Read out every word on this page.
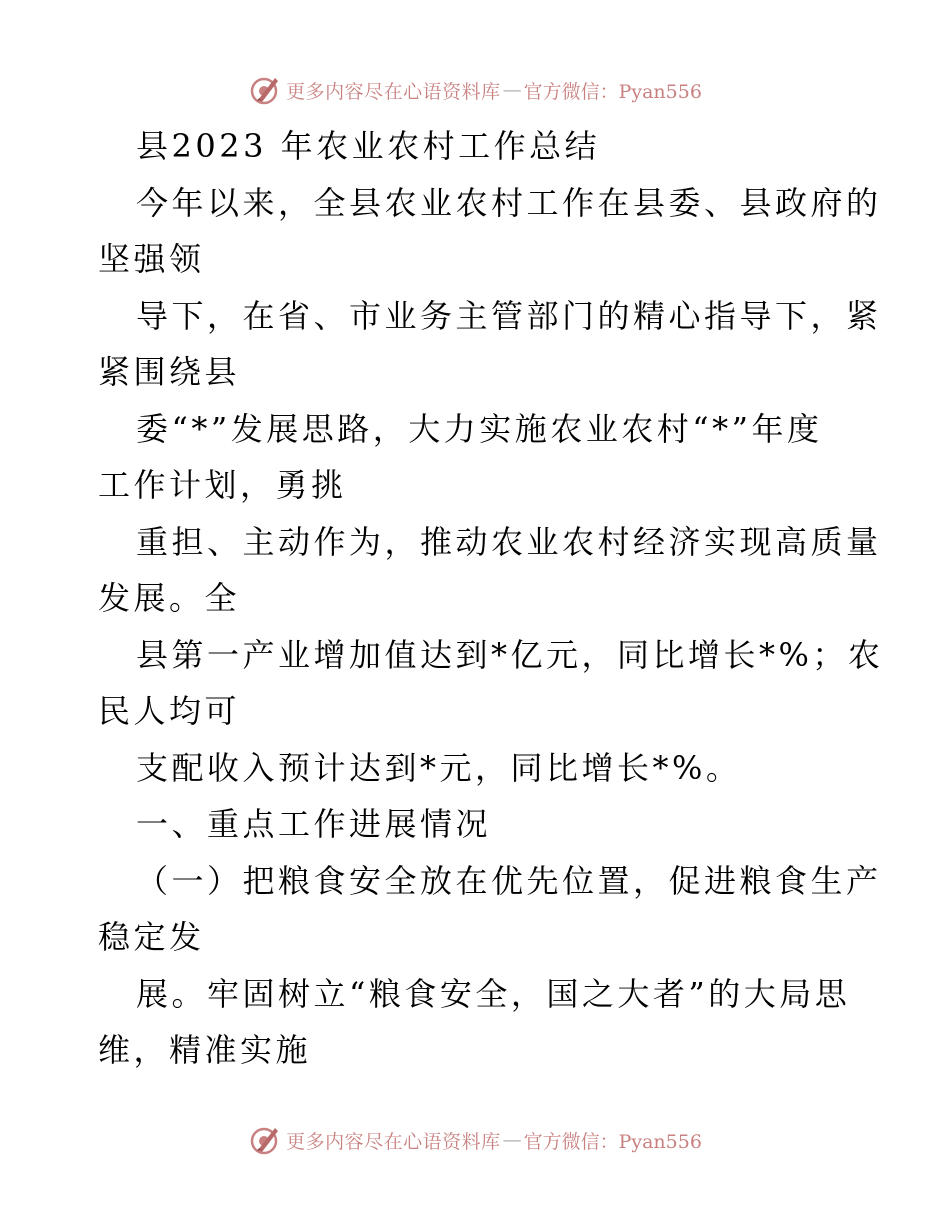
更多内容尽在心语资料库 — 官方微信：Pyan556
县2023 年农业农村工作总结
今年以来，全县农业农村工作在县委、县政府的
坚强领
导下，在省、市业务主管部门的精心指导下，紧
紧围绕县
委“*”发展思路，大力实施农业农村“*”年度
工作计划，勇挑
重担、主动作为，推动农业农村经济实现高质量
发展。全
县第一产业增加值达到*亿元，同比增长*%；农
民人均可
支配收入预计达到*元，同比增长*%。
一、重点工作进展情况
（一）把粮食安全放在优先位置，促进粮食生产
稳定发
展。牢固树立“粮食安全，国之大者”的大局思
维，精准实施
更多内容尽在心语资料库 — 官方微信：Pyan556
